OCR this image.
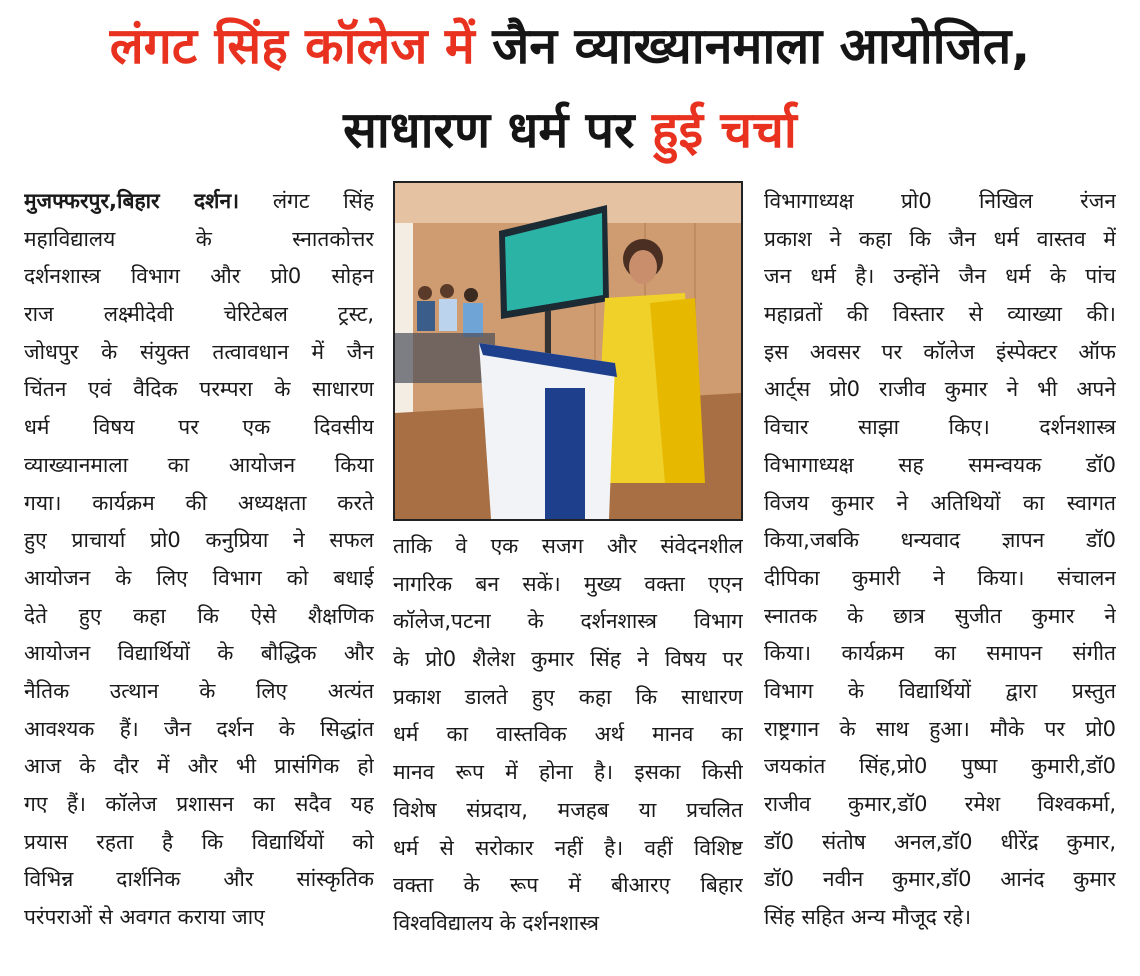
लंगट सिंह कॉलेज में जैन व्याख्यानमाला आयोजित,
साधारण धर्म पर हुई चर्चा
मुजफ्फरपुर,बिहार दर्शन। लंगट सिंह
महाविद्यालय के स्नातकोत्तर
दर्शनशास्त्र विभाग और प्रो0 सोहन
राज लक्ष्मीदेवी चेरिटेबल ट्रस्ट,
जोधपुर के संयुक्त तत्वावधान में जैन
चिंतन एवं वैदिक परम्परा के साधारण
धर्म विषय पर एक दिवसीय
व्याख्यानमाला का आयोजन किया
गया। कार्यक्रम की अध्यक्षता करते
हुए प्राचार्या प्रो0 कनुप्रिया ने सफल
आयोजन के लिए विभाग को बधाई
देते हुए कहा कि ऐसे शैक्षणिक
आयोजन विद्यार्थियों के बौद्धिक और
नैतिक उत्थान के लिए अत्यंत
आवश्यक हैं। जैन दर्शन के सिद्धांत
आज के दौर में और भी प्रासंगिक हो
गए हैं। कॉलेज प्रशासन का सदैव यह
प्रयास रहता है कि विद्यार्थियों को
विभिन्न दार्शनिक और सांस्कृतिक
परंपराओं से अवगत कराया जाए
ताकि वे एक सजग और संवेदनशील
नागरिक बन सकें। मुख्य वक्ता एएन
कॉलेज,पटना के दर्शनशास्त्र विभाग
के प्रो0 शैलेश कुमार सिंह ने विषय पर
प्रकाश डालते हुए कहा कि साधारण
धर्म का वास्तविक अर्थ मानव का
मानव रूप में होना है। इसका किसी
विशेष संप्रदाय, मजहब या प्रचलित
धर्म से सरोकार नहीं है। वहीं विशिष्ट
वक्ता के रूप में बीआरए बिहार
विश्वविद्यालय के दर्शनशास्त्र
विभागाध्यक्ष प्रो0 निखिल रंजन
प्रकाश ने कहा कि जैन धर्म वास्तव में
जन धर्म है। उन्होंने जैन धर्म के पांच
महाव्रतों की विस्तार से व्याख्या की।
इस अवसर पर कॉलेज इंस्पेक्टर ऑफ
आर्ट्स प्रो0 राजीव कुमार ने भी अपने
विचार साझा किए। दर्शनशास्त्र
विभागाध्यक्ष सह समन्वयक डॉ0
विजय कुमार ने अतिथियों का स्वागत
किया,जबकि धन्यवाद ज्ञापन डॉ0
दीपिका कुमारी ने किया। संचालन
स्नातक के छात्र सुजीत कुमार ने
किया। कार्यक्रम का समापन संगीत
विभाग के विद्यार्थियों द्वारा प्रस्तुत
राष्ट्रगान के साथ हुआ। मौके पर प्रो0
जयकांत सिंह,प्रो0 पुष्पा कुमारी,डॉ0
राजीव कुमार,डॉ0 रमेश विश्वकर्मा,
डॉ0 संतोष अनल,डॉ0 धीरेंद्र कुमार,
डॉ0 नवीन कुमार,डॉ0 आनंद कुमार
सिंह सहित अन्य मौजूद रहे।
